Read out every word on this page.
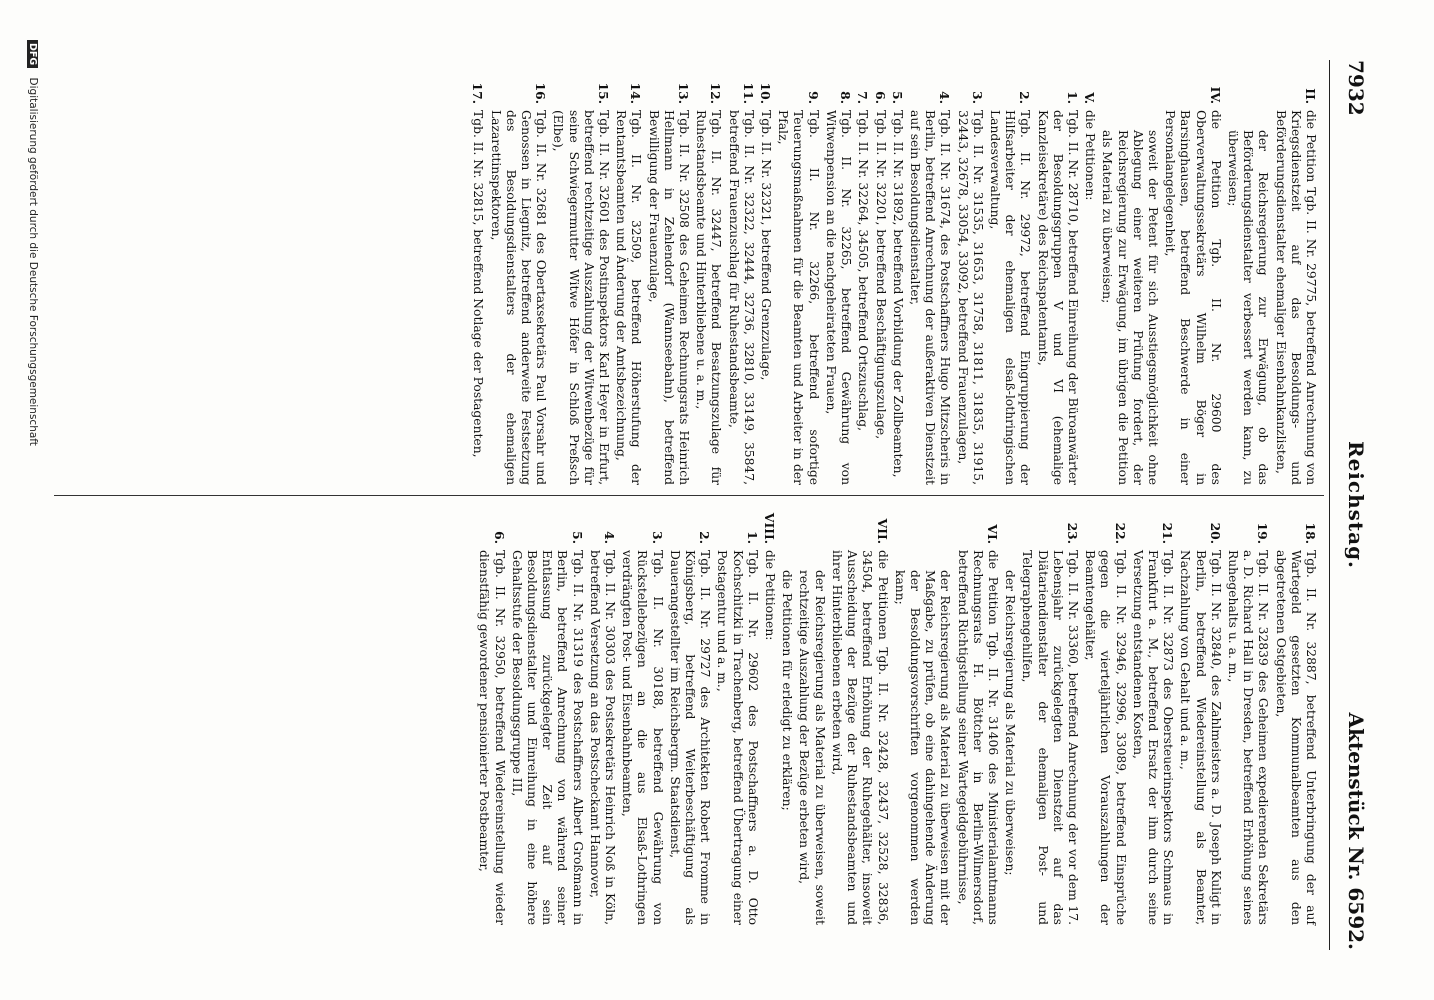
7932
Reichstag.
Aktenstück Nr. 6592.
II.
die Petition Tgb. II. Nr. 29775, betreffend Anrechnung von Kriegsdienstzeit auf das Besoldungs- und Beförderungsdienstalter ehemaliger Eisenbahnkanzlisten,
der Reichsregierung zur Erwägung, ob das Beförderungsdienstalter verbessert werden kann, zu überweisen;
IV.
die Petition Tgb. II. Nr. 29600 des Oberverwaltungssekretärs Wilhelm Böger in Barsinghausen, betreffend Beschwerde in einer Personalangelegenheit,
soweit der Petent für sich Ausstiegsmöglichkeit ohne Ablegung einer weiteren Prüfung fordert, der Reichsregierung zur Erwägung, im übrigen die Petition als Material zu überweisen;
V.
die Petitionen:
1.
Tgb. II. Nr. 28710, betreffend Einreihung der Büroanwärter der Besoldungsgruppen V und VI (ehemalige Kanzleisekretäre) des Reichspatentamts,
2.
Tgb. II. Nr. 29972, betreffend Eingruppierung der Hilfsarbeiter der ehemaligen elsaß-lothringischen Landesverwaltung,
3.
Tgb. II. Nr. 31535, 31653, 31758, 31811, 31835, 31915, 32443, 32678, 33054, 33092, betreffend Frauenzulagen,
4.
Tgb. II. Nr. 31674, des Postschaffners Hugo Mitzscheris in Berlin, betreffend Anrechnung der außeraktiven Dienstzeit auf sein Besoldungsdienstalter,
5.
Tgb. II. Nr. 31892, betreffend Vorbildung der Zollbeamten,
6.
Tgb. II. Nr. 32201, betreffend Beschäftigungszulage,
7.
Tgb. II. Nr. 32264, 34505, betreffend Ortszuschlag,
8.
Tgb. II. Nr. 32265, betreffend Gewährung von Witwenpension an die nachgeheirateten Frauen,
9.
Tgb. II. Nr. 32266, betreffend sofortige Teuerungsmaßnahmen für die Beamten und Arbeiter in der Pfalz,
10.
Tgb. II. Nr. 32321, betreffend Grenzzulage,
11.
Tgb. II. Nr. 32322, 32444, 32736, 32810, 33149, 35847, betreffend Frauenzuschlag für Ruhestandsbeamte,
12.
Tgb. II. Nr. 32447, betreffend Besatzungszulage für Ruhestandsbeamte und Hinterbliebene u. a. m.,
13.
Tgb. II. Nr. 32508 des Geheimen Rechnungsrats Heinrich Hellmann in Zehlendorf (Wannseebahn), betreffend Bewilligung der Frauenzulage,
14.
Tgb. II. Nr. 32509, betreffend Höherstufung der Rentamtsbeamten und Änderung der Amtsbezeichnung,
15.
Tgb. II. Nr. 32601 des Postinspektors Karl Heyer in Erfurt, betreffend rechtzeitige Auszahlung der Witwenbezüge für seine Schwiegermutter Witwe Höfer in Schloß Preßsch (Elbe),
16.
Tgb. II. Nr. 32681 des Obertaxsekretärs Paul Vorsahr und Genossen in Liegnitz, betreffend anderweite Festsetzung des Besoldungsdienstalters der ehemaligen Lazarettinspektoren,
17.
Tgb. II. Nr. 32815, betreffend Notlage der Postagenten,
18.
Tgb. II. Nr. 32887, betreffend Unterbringung der auf Wartegeld gesetzten Kommunalbeamten aus den abgetretenen Ostgebieten,
19.
Tgb. II. Nr. 32839 des Geheimen expedierenden Sekretärs a. D. Richard Hall in Dresden, betreffend Erhöhung seines Ruhegehalts u. a. m.,
20.
Tgb. II. Nr. 32840, des Zahlmeisters a. D. Joseph Kuligt in Berlin, betreffend Wiedereinstellung als Beamter, Nachzahlung von Gehalt und a. m.,
21.
Tgb. II. Nr. 32873 des Obersteuerinspektors Schmaus in Frankfurt a. M., betreffend Ersatz der ihm durch seine Versetzung entstandenen Kosten,
22.
Tgb. II. Nr. 32946, 32996, 33089, betreffend Einsprüche gegen die vierteljährlichen Vorauszahlungen der Beamtengehälter,
23.
Tgb. II. Nr. 33360, betreffend Anrechnung der vor dem 17. Lebensjahr zurückgelegten Dienstzeit auf das Diätariendienstalter der ehemaligen Post- und Telegraphengehilfen,
der Reichsregierung als Material zu überweisen;
VI.
die Petition Tgb. II. Nr. 31406 des Ministerialamtmanns Rechnungsrats H. Böttcher in Berlin-Wilmersdorf, betreffend Richtigstellung seiner Wartegeldgebührnisse,
der Reichsregierung als Material zu überweisen mit der Maßgabe, zu prüfen, ob eine dahingehende Änderung der Besoldungsvorschriften vorgenommen werden kann;
VII.
die Petitionen Tgb. II. Nr. 32428, 32437, 32528, 32836, 34504, betreffend Erhöhung der Ruhegehälter, insoweit Ausscheidung der Bezüge der Ruhestandsbeamten und ihrer Hinterbliebenen erbeten wird,
der Reichsregierung als Material zu überweisen, soweit rechtzeitige Auszahlung der Bezüge erbeten wird,
die Petitionen für erledigt zu erklären;
VIII.
die Petitionen:
1.
Tgb. II. Nr. 29602 des Postschaffners a. D. Otto Kochschitzki in Trachenberg, betreffend Übertragung einer Postagentur und a. m.,
2.
Tgb. II. Nr. 29727 des Architekten Robert Fromme in Königsberg, betreffend Weiterbeschäftigung als Dauerangestellter im Reichsbergm. Staatsdienst,
3.
Tgb. II. Nr. 30188, betreffend Gewährung von Rückstellebezügen an die aus Elsaß-Lothringen verdrängten Post- und Eisenbahnbeamten,
4.
Tgb. II. Nr. 30303 des Postsekretärs Heinrich Noß in Köln, betreffend Versetzung an das Postscheckamt Hannover,
5.
Tgb. II. Nr. 31319 des Postschaffners Albert Großmann in Berlin, betreffend Anrechnung von während seiner Entlassung zurückgelegter Zeit auf sein Besoldungsdienstalter und Einreihung in eine höhere Gehaltsstufe der Besoldungsgruppe III,
6.
Tgb. II. Nr. 32950, betreffend Wiedereinstellung wieder dienstfähig gewordener pensionierter Postbeamter,
DFG Digitalisierung gefördert durch die Deutsche Forschungsgemeinschaft
